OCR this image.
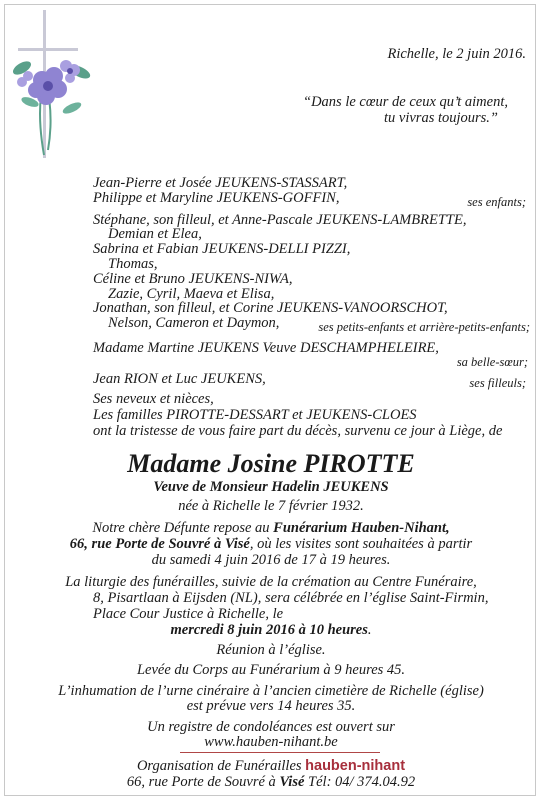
Richelle, le 2 juin 2016.
“Dans le cœur de ceux qu’t aiment,
tu vivras toujours.”
Jean-Pierre et Josée JEUKENS-STASSART,
Philippe et Maryline JEUKENS-GOFFIN,	ses enfants;
Stéphane, son filleul, et Anne-Pascale JEUKENS-LAMBRETTE,
Demian et Elea,
Sabrina et Fabian JEUKENS-DELLI PIZZI,
Thomas,
Céline et Bruno JEUKENS-NIWA,
Zazie, Cyril, Maeva et Elisa,
Jonathan, son filleul, et Corine JEUKENS-VANOORSCHOT,
Nelson, Cameron et Daymon,	ses petits-enfants et arrière-petits-enfants;
Madame Martine JEUKENS Veuve DESCHAMPHELEIRE,
sa belle-sœur;
Jean RION et Luc JEUKENS,	ses filleuls;
Ses neveux et nièces,
Les familles PIROTTE-DESSART et JEUKENS-CLOES
ont la tristesse de vous faire part du décès, survenu ce jour à Liège, de
Madame Josine PIROTTE
Veuve de Monsieur Hadelin JEUKENS
née à Richelle le 7 février 1932.
Notre chère Défunte repose au Funérarium Hauben-Nihant,
66, rue Porte de Souvré à Visé, où les visites sont souhaitées à partir
du samedi 4 juin 2016 de 17 à 19 heures.
La liturgie des funérailles, suivie de la crémation au Centre Funéraire,
8, Pisartlaan à Eijsden (NL), sera célébrée en l’église Saint-Firmin,
Place Cour Justice à Richelle, le
mercredi 8 juin 2016 à 10 heures.
Réunion à l’église.
Levée du Corps au Funérarium à 9 heures 45.
L’inhumation de l’urne cinéraire à l’ancien cimetière de Richelle (église)
est prévue vers 14 heures 35.
Un registre de condoléances est ouvert sur
www.hauben-nihant.be
Organisation de Funérailles hauben-nihant
66, rue Porte de Souvré à Visé Tél: 04/ 374.04.92
